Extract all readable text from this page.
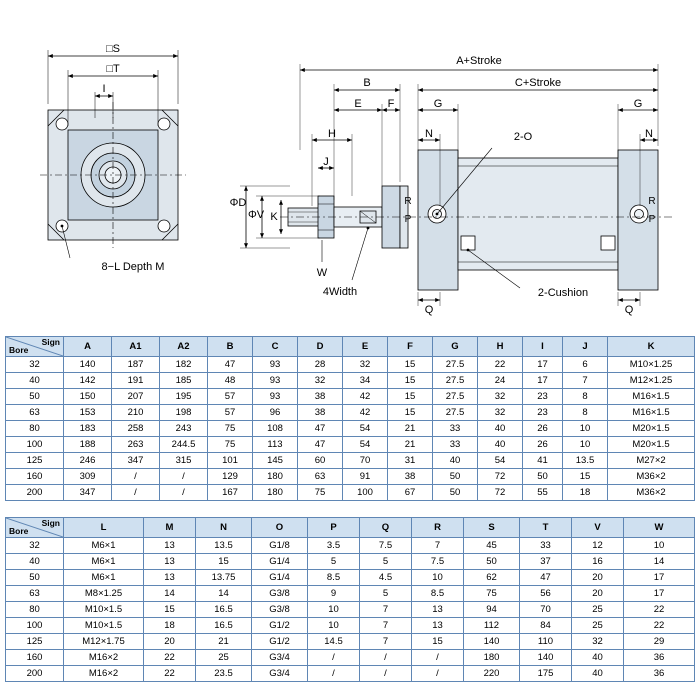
□S
□T
I
8−L Depth M
A+Stroke
C+Stroke
B
E F	G	G
H
J
N	N
Q	Q
2-O
2-Cushion
W
4Width
ΦD
ΦV K
R
P
R
P
Sign
Bore	A	A1	A2	B	C	D	E	F	G	H	I	J	K
32	140	187	182	47	93	28	32	15	27.5	22	17	6	M10×1.25
40	142	191	185	48	93	32	34	15	27.5	24	17	7	M12×1.25
50	150	207	195	57	93	38	42	15	27.5	32	23	8	M16×1.5
63	153	210	198	57	96	38	42	15	27.5	32	23	8	M16×1.5
80	183	258	243	75	108	47	54	21	33	40	26	10	M20×1.5
100	188	263	244.5	75	113	47	54	21	33	40	26	10	M20×1.5
125	246	347	315	101	145	60	70	31	40	54	41	13.5	M27×2
160	309	/	/	129	180	63	91	38	50	72	50	15	M36×2
200	347	/	/	167	180	75	100	67	50	72	55	18	M36×2
Sign
Bore	L	M	N	O	P	Q	R	S	T	V	W
32	M6×1	13	13.5	G1/8	3.5	7.5	7	45	33	12	10
40	M6×1	13	15	G1/4	5	5	7.5	50	37	16	14
50	M6×1	13	13.75	G1/4	8.5	4.5	10	62	47	20	17
63	M8×1.25	14	14	G3/8	9	5	8.5	75	56	20	17
80	M10×1.5	15	16.5	G3/8	10	7	13	94	70	25	22
100	M10×1.5	18	16.5	G1/2	10	7	13	112	84	25	22
125	M12×1.75	20	21	G1/2	14.5	7	15	140	110	32	29
160	M16×2	22	25	G3/4	/	/	/	180	140	40	36
200	M16×2	22	23.5	G3/4	/	/	/	220	175	40	36
